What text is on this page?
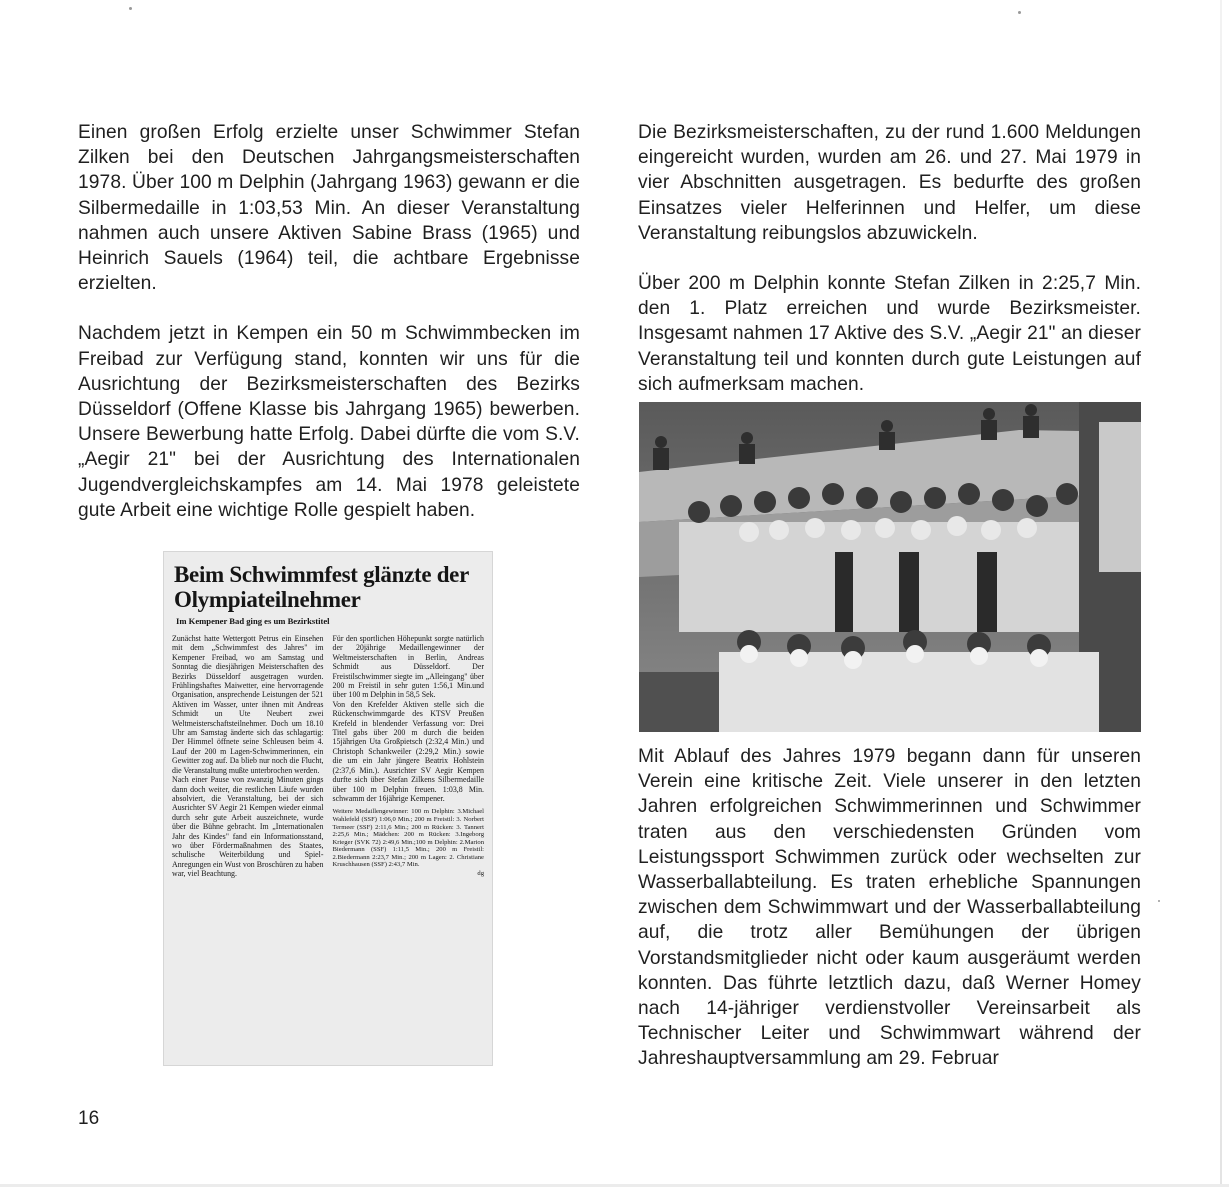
Einen großen Erfolg erzielte unser Schwimmer Stefan Zilken bei den Deutschen Jahrgangsmeisterschaften 1978. Über 100 m Delphin (Jahrgang 1963) gewann er die Silbermedaille in 1:03,53 Min. An dieser Veranstaltung nahmen auch unsere Aktiven Sabine Brass (1965) und Heinrich Sauels (1964) teil, die achtbare Ergebnisse erzielten.

Nachdem jetzt in Kempen ein 50 m Schwimmbecken im Freibad zur Verfügung stand, konnten wir uns für die Ausrichtung der Bezirksmeisterschaften des Bezirks Düsseldorf (Offene Klasse bis Jahrgang 1965) bewerben. Unsere Bewerbung hatte Erfolg. Dabei dürfte die vom S.V. „Aegir 21" bei der Ausrichtung des Internationalen Jugendvergleichskampfes am 14. Mai 1978 geleistete gute Arbeit eine wichtige Rolle gespielt haben.

Die Bezirksmeisterschaften, zu der rund 1.600 Meldungen eingereicht wurden, wurden am 26. und 27. Mai 1979 in vier Abschnitten ausgetragen. Es bedurfte des großen Einsatzes vieler Helferinnen und Helfer, um diese Veranstaltung reibungslos abzuwickeln.

Über 200 m Delphin konnte Stefan Zilken in 2:25,7 Min. den 1. Platz erreichen und wurde Bezirksmeister. Insgesamt nahmen 17 Aktive des S.V. „Aegir 21" an dieser Veranstaltung teil und konnten durch gute Leistungen auf sich aufmerksam machen.

Beim Schwimmfest glänzte der Olympiateilnehmer
Im Kempener Bad ging es um Bezirkstitel

Zunächst hatte Wettergott Petrus ein Einsehen mit dem „Schwimmfest des Jahres" im Kempener Freibad, wo am Samstag und Sonntag die diesjährigen Meisterschaften des Bezirks Düsseldorf ausgetragen wurden. Frühlingshaftes Maiwetter, eine hervorragende Organisation, ansprechende Leistungen der 521 Aktiven im Wasser, unter ihnen mit Andreas Schmidt un Ute Neubert zwei Weltmeisterschaftsteilnehmer. Doch um 18.10 Uhr am Samstag änderte sich das schlagartig: Der Himmel öffnete seine Schleusen beim 4. Lauf der 200 m Lagen-Schwimmerinnen, ein Gewitter zog auf. Da blieb nur noch die Flucht, die Veranstaltung mußte unterbrochen werden.

Nach einer Pause von zwanzig Minuten gings dann doch weiter, die restlichen Läufe wurden absolviert, die Veranstaltung, bei der sich Ausrichter SV Aegir 21 Kempen wieder einmal durch sehr gute Arbeit auszeichnete, wurde über die Bühne gebracht. Im „Internationalen Jahr des Kindes" fand ein Informationsstand, wo über Fördermaßnahmen des Staates, schulische Weiterbildung und Spiel-Anregungen ein Wust von Broschüren zu haben war, viel Beachtung.

Für den sportlichen Höhepunkt sorgte natürlich der 20jährige Medaillengewinner der Weltmeisterschaften in Berlin, Andreas Schmidt aus Düsseldorf. Der Freistilschwimmer siegte im „Alleingang" über 200 m Freistil in sehr guten 1:56,1 Min.und über 100 m Delphin in 58,5 Sek.

Von den Krefelder Aktiven stelle sich die Rückenschwimmgarde des KTSV Preußen Krefeld in blendender Verfassung vor: Drei Titel gabs über 200 m durch die beiden 15jährigen Uta Großpietsch (2:32,4 Min.) und Christoph Schankweiler (2:29,2 Min.) sowie die um ein Jahr jüngere Beatrix Hohlstein (2:37,6 Min.). Ausrichter SV Aegir Kempen durfte sich über Stefan Zilkens Silbermedaille über 100 m Delphin freuen. 1:03,8 Min. schwamm der 16jährige Kempener.

Weitere Medaillengewinner: 100 m Delphin: 3.Michael Wahlefeld (SSF) 1:06,0 Min.; 200 m Freistil: 3. Norbert Termeer (SSF) 2:11,6 Min.; 200 m Rücken: 3. Tannert 2:25,6 Min.; Mädchen: 200 m Rücken: 3.Ingeborg Krieger (SVK 72) 2:49,6 Min.;100 m Delphin: 2.Marion Biedermann (SSF) 1:11,5 Min.; 200 m Freistil: 2.Biedermann 2:23,7 Min.; 200 m Lagen: 2. Christiane Kruschhausen (SSF) 2:43,7 Min.

dg

Mit Ablauf des Jahres 1979 begann dann für unseren Verein eine kritische Zeit. Viele unserer in den letzten Jahren erfolgreichen Schwimmerinnen und Schwimmer traten aus den verschiedensten Gründen vom Leistungssport Schwimmen zurück oder wechselten zur Wasserballabteilung. Es traten erhebliche Spannungen zwischen dem Schwimmwart und der Wasserballabteilung auf, die trotz aller Bemühungen der übrigen Vorstandsmitglieder nicht oder kaum ausgeräumt werden konnten. Das führte letztlich dazu, daß Werner Homey nach 14-jähriger verdienstvoller Vereinsarbeit als Technischer Leiter und Schwimmwart während der Jahreshauptversammlung am 29. Februar

16
